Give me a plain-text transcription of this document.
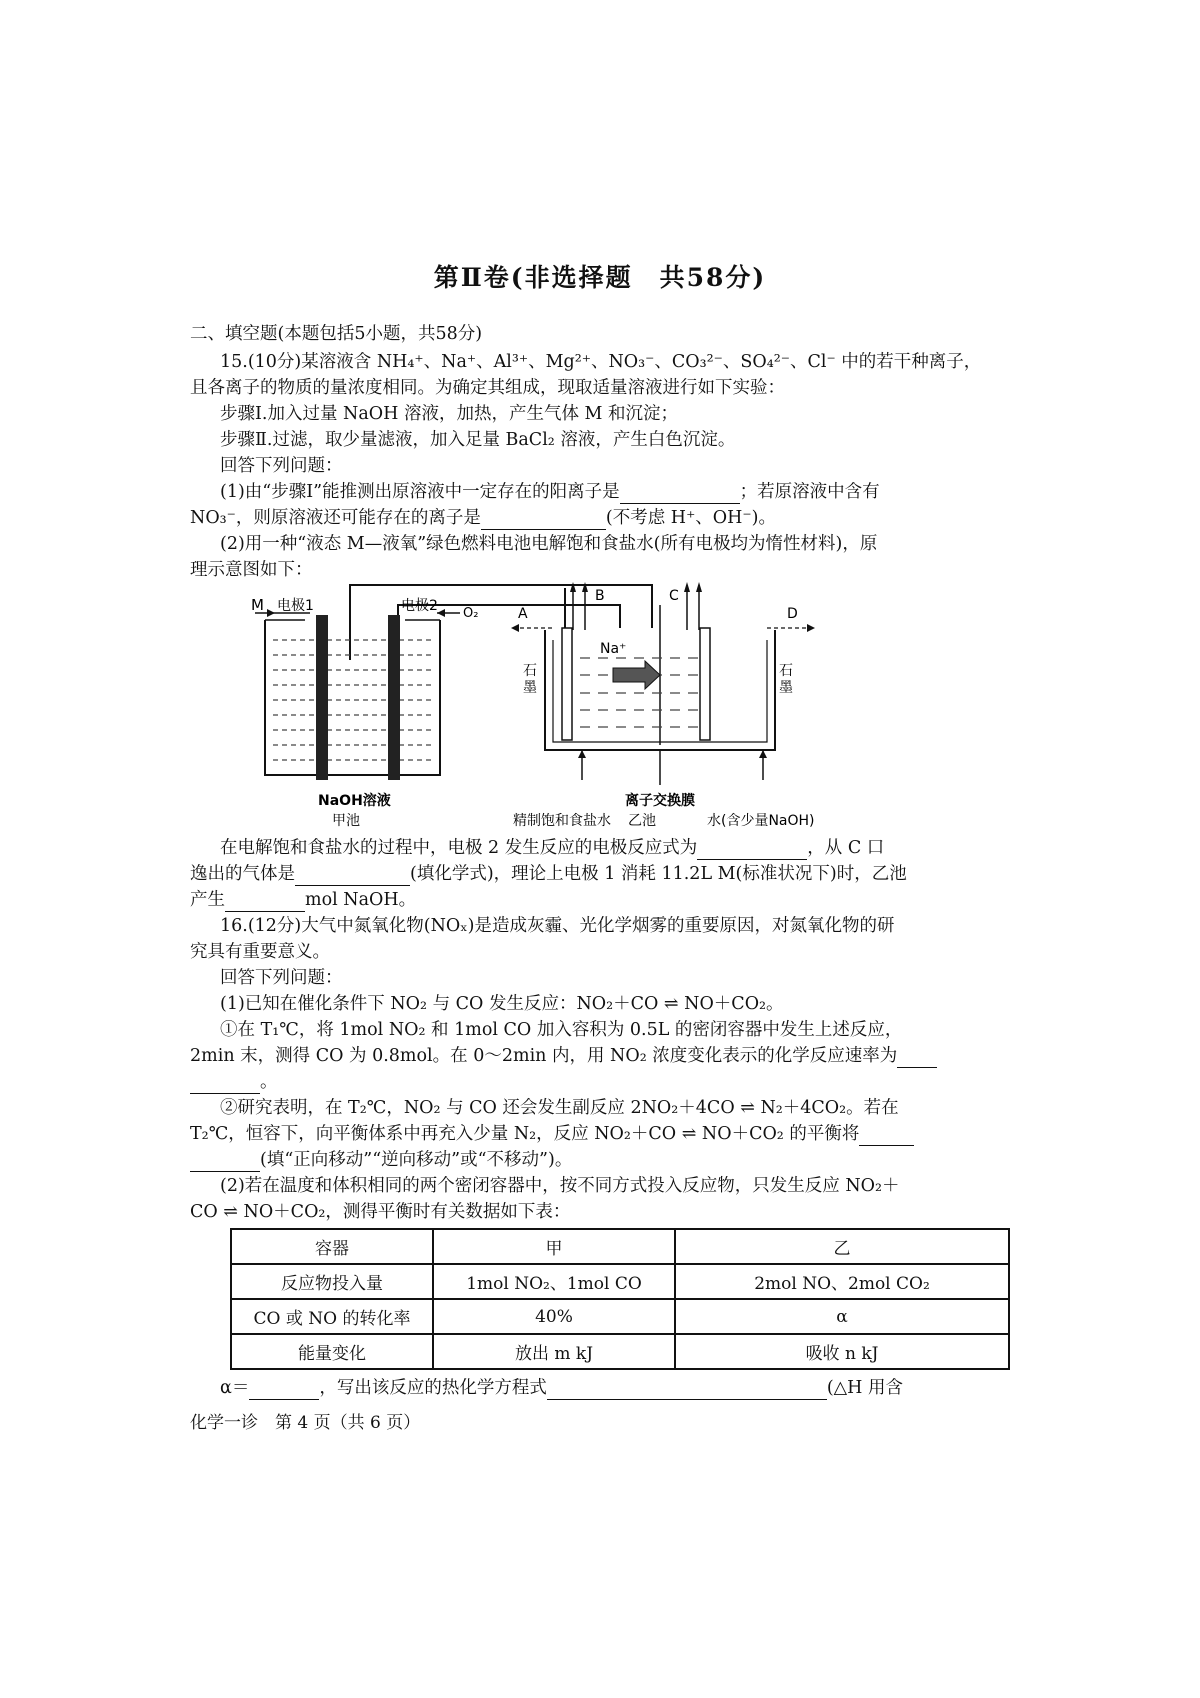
第Ⅱ卷(非选择题　共58分)
二、填空题(本题包括5小题，共58分)
15.(10分)某溶液含 NH₄⁺、Na⁺、Al³⁺、Mg²⁺、NO₃⁻、CO₃²⁻、SO₄²⁻、Cl⁻ 中的若干种离子，
且各离子的物质的量浓度相同。为确定其组成，现取适量溶液进行如下实验：
步骤Ⅰ.加入过量 NaOH 溶液，加热，产生气体 M 和沉淀；
步骤Ⅱ.过滤，取少量滤液，加入足量 BaCl₂ 溶液，产生白色沉淀。
回答下列问题：
(1)由“步骤Ⅰ”能推测出原溶液中一定存在的阳离子是	；若原溶液中含有
NO₃⁻，则原溶液还可能存在的离子是	(不考虑 H⁺、OH⁻)。
(2)用一种“液态 M—液氧”绿色燃料电池电解饱和食盐水(所有电极均为惰性材料)，原
理示意图如下：
M 电极1	电极2 O₂
B	C
A	D
Na⁺
石
墨
石
墨
NaOH溶液
甲池
离子交换膜
精制饱和食盐水 乙池	水(含少量NaOH)
在电解饱和食盐水的过程中，电极 2 发生反应的电极反应式为	，从 C 口
逸出的气体是	(填化学式)，理论上电极 1 消耗 11.2L M(标准状况下)时，乙池
产生	mol NaOH。
16.(12分)大气中氮氧化物(NOₓ)是造成灰霾、光化学烟雾的重要原因，对氮氧化物的研
究具有重要意义。
回答下列问题：
(1)已知在催化条件下 NO₂ 与 CO 发生反应：NO₂＋CO ⇌ NO＋CO₂。
①在 T₁℃，将 1mol NO₂ 和 1mol CO 加入容积为 0.5L 的密闭容器中发生上述反应，
2min 末，测得 CO 为 0.8mol。在 0～2min 内，用 NO₂ 浓度变化表示的化学反应速率为
。
②研究表明，在 T₂℃，NO₂ 与 CO 还会发生副反应 2NO₂＋4CO ⇌ N₂＋4CO₂。若在
T₂℃，恒容下，向平衡体系中再充入少量 N₂，反应 NO₂＋CO ⇌ NO＋CO₂ 的平衡将
(填“正向移动”“逆向移动”或“不移动”)。
(2)若在温度和体积相同的两个密闭容器中，按不同方式投入反应物，只发生反应 NO₂＋
CO ⇌ NO＋CO₂，测得平衡时有关数据如下表：
容器	甲	乙
反应物投入量	1mol NO₂、1mol CO	2mol NO、2mol CO₂
CO 或 NO 的转化率	40%	α
能量变化	放出 m kJ	吸收 n kJ
α＝	，写出该反应的热化学方程式	(△H 用含
化学一诊　第 4 页（共 6 页）
